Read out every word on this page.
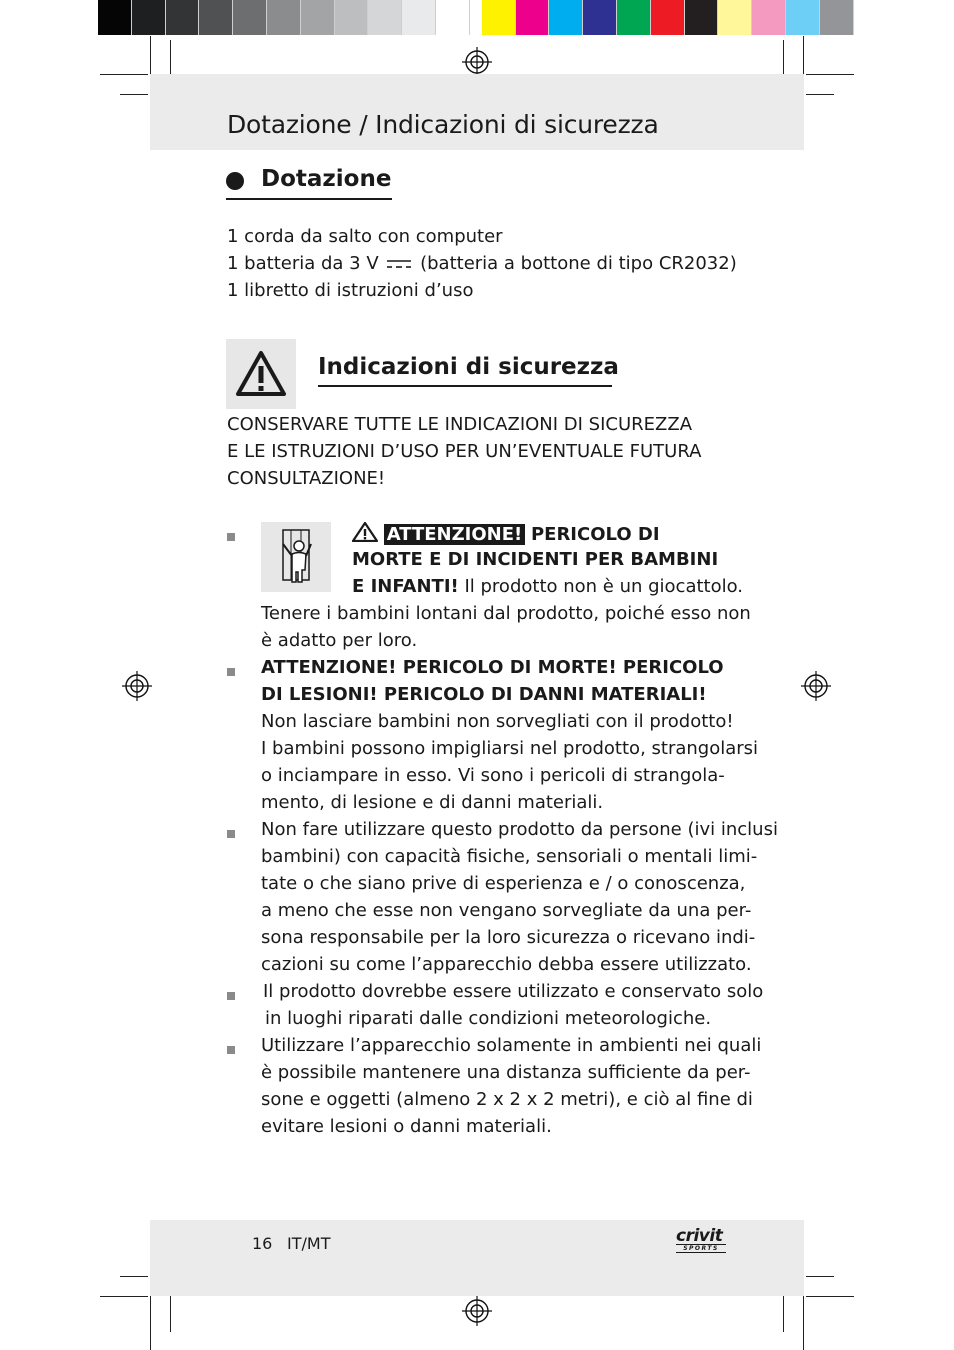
Dotazione / Indicazioni di sicurezza
Dotazione
1 corda da salto con computer
1 batteria da 3 V (batteria a bottone di tipo CR2032)
1 libretto di istruzioni d’uso
Indicazioni di sicurezza
CONSERVARE TUTTE LE INDICAZIONI DI SICUREZZA
E LE ISTRUZIONI D’USO PER UN’EVENTUALE FUTURA
CONSULTAZIONE!
ATTENZIONE! PERICOLO DI
MORTE E DI INCIDENTI PER BAMBINI
E INFANTI! Il prodotto non è un giocattolo.
Tenere i bambini lontani dal prodotto, poiché esso non
è adatto per loro.
ATTENZIONE! PERICOLO DI MORTE! PERICOLO
DI LESIONI! PERICOLO DI DANNI MATERIALI!
Non lasciare bambini non sorvegliati con il prodotto!
I bambini possono impigliarsi nel prodotto, strangolarsi
o inciampare in esso. Vi sono i pericoli di strangola-
mento, di lesione e di danni materiali.
Non fare utilizzare questo prodotto da persone (ivi inclusi
bambini) con capacità fisiche, sensoriali o mentali limi-
tate o che siano prive di esperienza e / o conoscenza,
a meno che esse non vengano sorvegliate da una per-
sona responsabile per la loro sicurezza o ricevano indi-
cazioni su come l’apparecchio debba essere utilizzato.
Il prodotto dovrebbe essere utilizzato e conservato solo
in luoghi riparati dalle condizioni meteorologiche.
Utilizzare l’apparecchio solamente in ambienti nei quali
è possibile mantenere una distanza sufficiente da per-
sone e oggetti (almeno 2 x 2 x 2 metri), e ciò al fine di
evitare lesioni o danni materiali.
16 IT/MT	crivit
SPORTS
